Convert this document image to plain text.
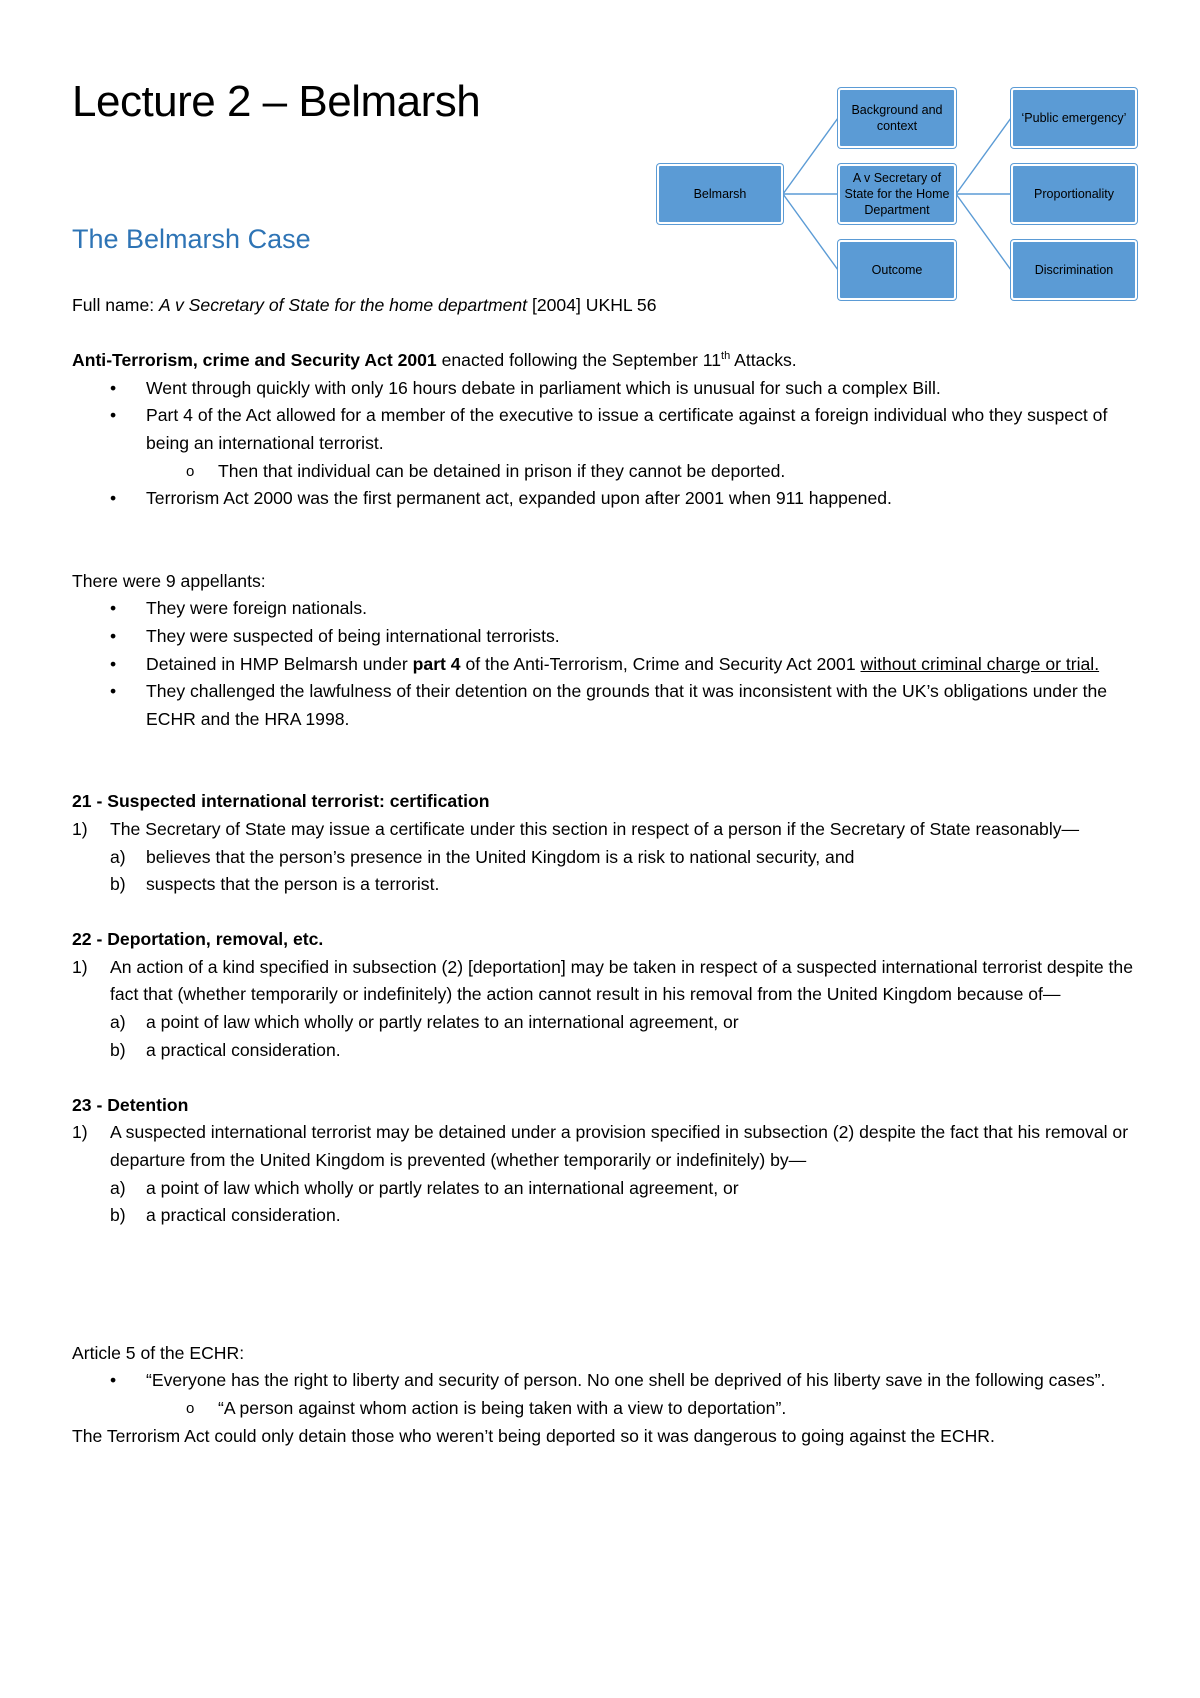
Lecture 2 – Belmarsh
The Belmarsh Case
Belmarsh
Background and context
A v Secretary of State for the Home Department
Outcome
‘Public emergency’
Proportionality
Discrimination

Full name: A v Secretary of State for the home department [2004] UKHL 56

Anti-Terrorism, crime and Security Act 2001 enacted following the September 11th Attacks.

• Went through quickly with only 16 hours debate in parliament which is unusual for such a complex Bill.

• Part 4 of the Act allowed for a member of the executive to issue a certificate against a foreign individual who they suspect of being an international terrorist.

o Then that individual can be detained in prison if they cannot be deported.

• Terrorism Act 2000 was the first permanent act, expanded upon after 2001 when 911 happened.

There were 9 appellants:

• They were foreign nationals.

• They were suspected of being international terrorists.

• Detained in HMP Belmarsh under part 4 of the Anti-Terrorism, Crime and Security Act 2001 without criminal charge or trial.

• They challenged the lawfulness of their detention on the grounds that it was inconsistent with the UK’s obligations under the ECHR and the HRA 1998.

21 - Suspected international terrorist: certification

1) The Secretary of State may issue a certificate under this section in respect of a person if the Secretary of State reasonably—

a) believes that the person’s presence in the United Kingdom is a risk to national security, and

b) suspects that the person is a terrorist.

22 - Deportation, removal, etc.

1) An action of a kind specified in subsection (2) [deportation] may be taken in respect of a suspected international terrorist despite the fact that (whether temporarily or indefinitely) the action cannot result in his removal from the United Kingdom because of—

a) a point of law which wholly or partly relates to an international agreement, or

b) a practical consideration.

23 - Detention

1) A suspected international terrorist may be detained under a provision specified in subsection (2) despite the fact that his removal or departure from the United Kingdom is prevented (whether temporarily or indefinitely) by—

a) a point of law which wholly or partly relates to an international agreement, or

b) a practical consideration.

Article 5 of the ECHR:

• “Everyone has the right to liberty and security of person. No one shell be deprived of his liberty save in the following cases”.

o “A person against whom action is being taken with a view to deportation”.

The Terrorism Act could only detain those who weren’t being deported so it was dangerous to going against the ECHR.
